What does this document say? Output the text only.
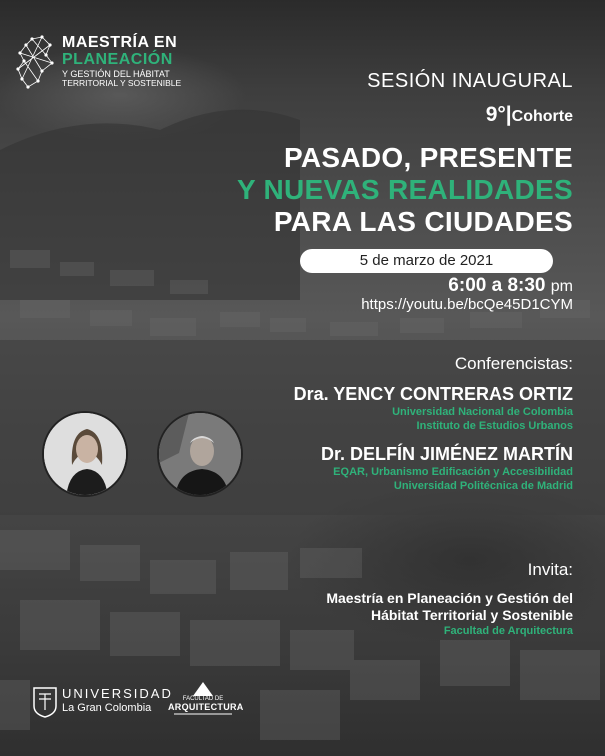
MAESTRÍA EN
PLANEACIÓN
Y GESTIÓN DEL HÁBITAT
TERRITORIAL Y SOSTENIBLE	SESIÓN INAUGURAL
9°|Cohorte
PASADO, PRESENTE
Y NUEVAS REALIDADES
PARA LAS CIUDADES
5 de marzo de 2021
6:00 a 8:30 pm
https://youtu.be/bcQe45D1CYM
Conferencistas:
Dra. YENCY CONTRERAS ORTIZ
Universidad Nacional de Colombia
Instituto de Estudios Urbanos
Dr. DELFÍN JIMÉNEZ MARTÍN
EQAR, Urbanismo Edificación y Accesibilidad
Universidad Politécnica de Madrid
Invita:
Maestría en Planeación y Gestión del
Hábitat Territorial y Sostenible
Facultad de Arquitectura
UNIVERSIDAD
La Gran Colombia
FACULTAD DE
ARQUITECTURA
